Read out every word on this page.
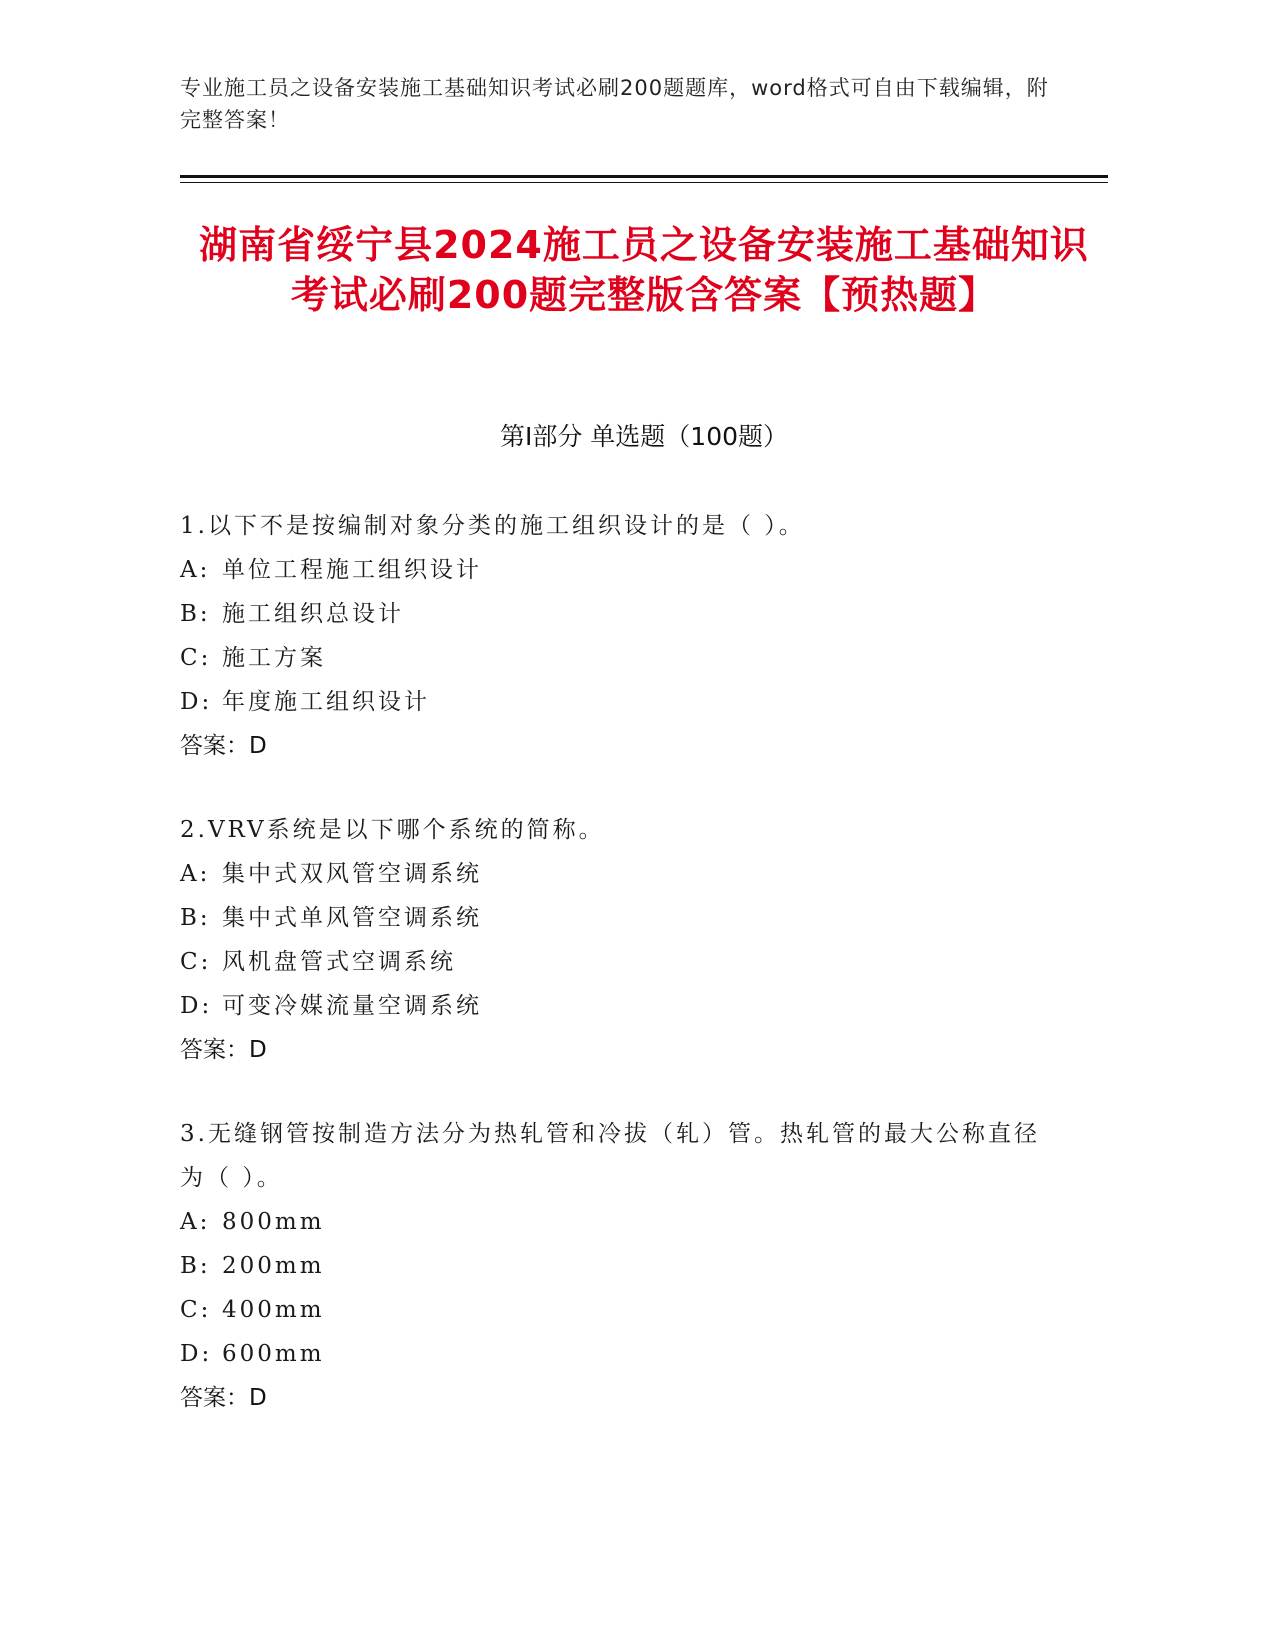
专业施工员之设备安装施工基础知识考试必刷200题题库，word格式可自由下载编辑，附完整答案！
湖南省绥宁县2024施工员之设备安装施工基础知识考试必刷200题完整版含答案【预热题】
第Ⅰ部分 单选题（100题）
1.以下不是按编制对象分类的施工组织设计的是（ ）。
A: 单位工程施工组织设计
B: 施工组织总设计
C: 施工方案
D: 年度施工组织设计
答案：D
2.VRV系统是以下哪个系统的简称。
A: 集中式双风管空调系统
B: 集中式单风管空调系统
C: 风机盘管式空调系统
D: 可变冷媒流量空调系统
答案：D
3.无缝钢管按制造方法分为热轧管和冷拔（轧）管。热轧管的最大公称直径为（ ）。
A: 800mm
B: 200mm
C: 400mm
D: 600mm
答案：D
